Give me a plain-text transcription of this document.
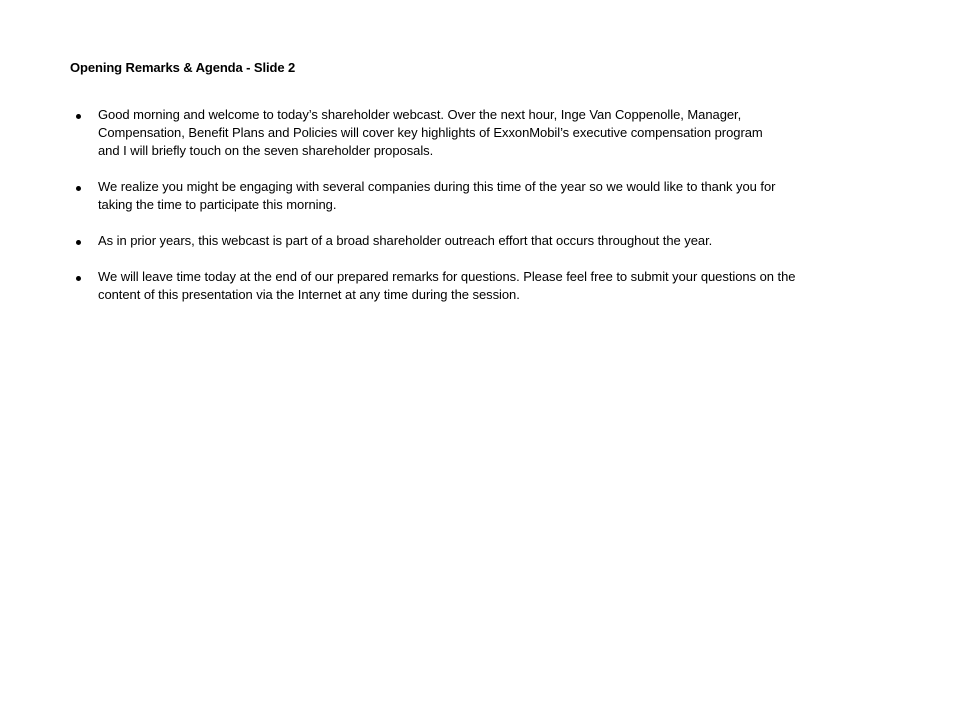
Opening Remarks & Agenda - Slide 2
Good morning and welcome to today’s shareholder webcast. Over the next hour, Inge Van Coppenolle, Manager,
Compensation, Benefit Plans and Policies will cover key highlights of ExxonMobil’s executive compensation program
and I will briefly touch on the seven shareholder proposals.
We realize you might be engaging with several companies during this time of the year so we would like to thank you for
taking the time to participate this morning.
As in prior years, this webcast is part of a broad shareholder outreach effort that occurs throughout the year.
We will leave time today at the end of our prepared remarks for questions. Please feel free to submit your questions on the
content of this presentation via the Internet at any time during the session.
